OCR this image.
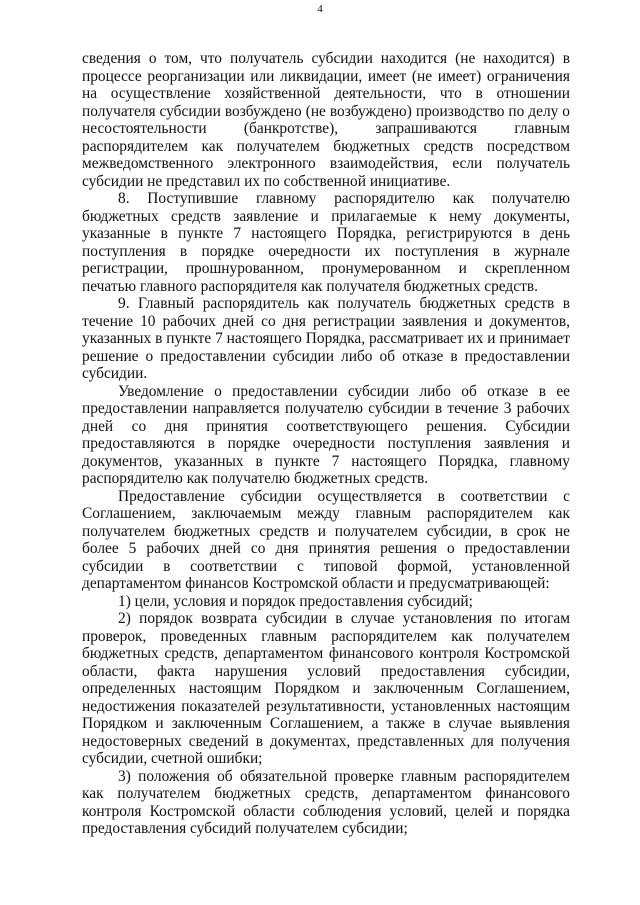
4

сведения о том, что получатель субсидии находится (не находится) в процессе реорганизации или ликвидации, имеет (не имеет) ограничения на осуществление хозяйственной деятельности, что в отношении получателя субсидии возбуждено (не возбуждено) производство по делу о несостоятельности (банкротстве), запрашиваются главным распорядителем как получателем бюджетных средств посредством межведомственного электронного взаимодействия, если получатель субсидии не представил их по собственной инициативе.

8. Поступившие главному распорядителю как получателю бюджетных средств заявление и прилагаемые к нему документы, указанные в пункте 7 настоящего Порядка, регистрируются в день поступления в порядке очередности их поступления в журнале регистрации, прошнурованном, пронумерованном и скрепленном печатью главного распорядителя как получателя бюджетных средств.

9. Главный распорядитель как получатель бюджетных средств в течение 10 рабочих дней со дня регистрации заявления и документов, указанных в пункте 7 настоящего Порядка, рассматривает их и принимает решение о предоставлении субсидии либо об отказе в предоставлении субсидии.

Уведомление о предоставлении субсидии либо об отказе в ее предоставлении направляется получателю субсидии в течение 3 рабочих дней со дня принятия соответствующего решения. Субсидии предоставляются в порядке очередности поступления заявления и документов, указанных в пункте 7 настоящего Порядка, главному распорядителю как получателю бюджетных средств.

Предоставление субсидии осуществляется в соответствии с Соглашением, заключаемым между главным распорядителем как получателем бюджетных средств и получателем субсидии, в срок не более 5 рабочих дней со дня принятия решения о предоставлении субсидии в соответствии с типовой формой, установленной департаментом финансов Костромской области и предусматривающей:

1) цели, условия и порядок предоставления субсидий;

2) порядок возврата субсидии в случае установления по итогам проверок, проведенных главным распорядителем как получателем бюджетных средств, департаментом финансового контроля Костромской области, факта нарушения условий предоставления субсидии, определенных настоящим Порядком и заключенным Соглашением, недостижения показателей результативности, установленных настоящим Порядком и заключенным Соглашением, а также в случае выявления недостоверных сведений в документах, представленных для получения субсидии, счетной ошибки;

3) положения об обязательной проверке главным распорядителем как получателем бюджетных средств, департаментом финансового контроля Костромской области соблюдения условий, целей и порядка предоставления субсидий получателем субсидии;
